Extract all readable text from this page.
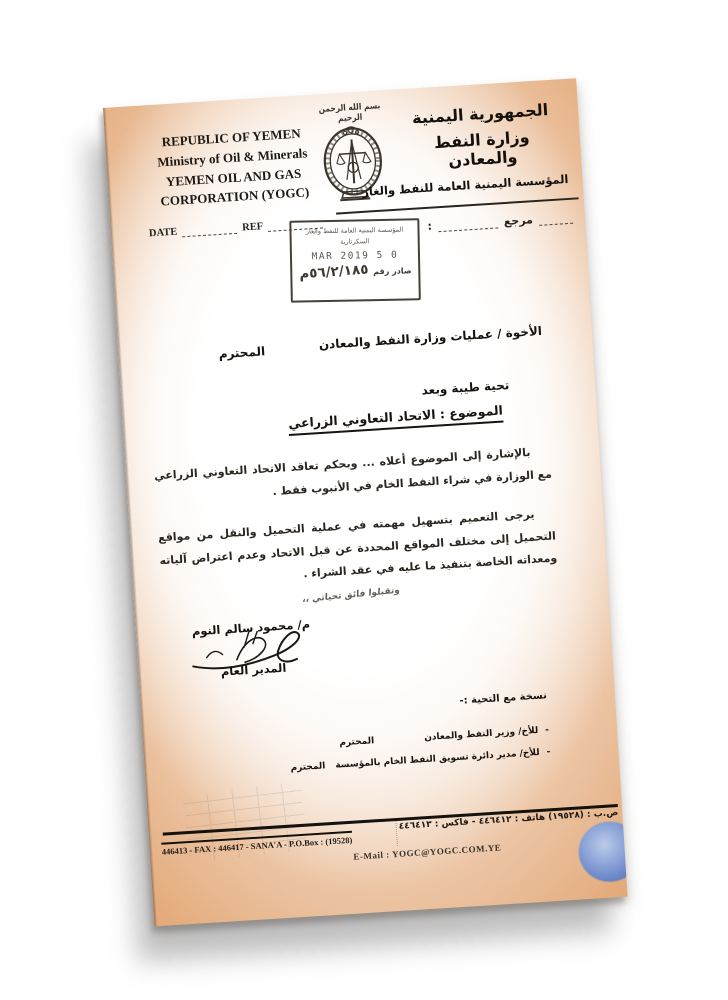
REPUBLIC OF YEMEN
Ministry of Oil & Minerals
YEMEN OIL AND GAS
CORPORATION (YOGC)
بسم الله الرحمن الرحيم	الجمهورية اليمنية
وزارة النفط والمعادن
المؤسسة اليمنية العامة للنفط والغاز
DATE	REF	:	مرجع
المؤسسة اليمنية العامة للنفط والغاز
السكرتارية
0 5 MAR 2019
صادر رقم
٥٦/٢/١٨٥م
الأخوة / عمليات وزارة النفط والمعادن
المحترم
تحية طيبة وبعد
الموضوع : الاتحاد التعاوني الزراعي
بالإشارة إلى الموضوع أعلاه ... وبحكم تعاقد الاتحاد التعاوني الزراعي مع الوزارة في شراء النفط الخام في الأنبوب فقط .
يرجى التعميم بتسهيل مهمته في عملية التحميل والنقل من مواقع التحميل إلى مختلف المواقع المحددة عن قبل الاتحاد وعدم اعتراض آلياته ومعداته الخاصة بتنفيذ ما عليه في عقد الشراء .
وتقبلوا فائق تحياتي ،،
م/ محمود سالم النوم
المدير العام
نسخة مع التحية :-
-
للأخ/ وزير النفط والمعادن
المحترم
-
للأخ/ مدير دائرة تسويق النفط الخام بالمؤسسة
المحترم
446413 - FAX : 446417 - SANA'A - P.O.Box : (19528)
ص.ب : (١٩٥٢٨) هاتف : ٤٤٦٤١٢ - فاكس : ٤٤٦٤١٣
E-Mail : YOGC@YOGC.COM.YE
